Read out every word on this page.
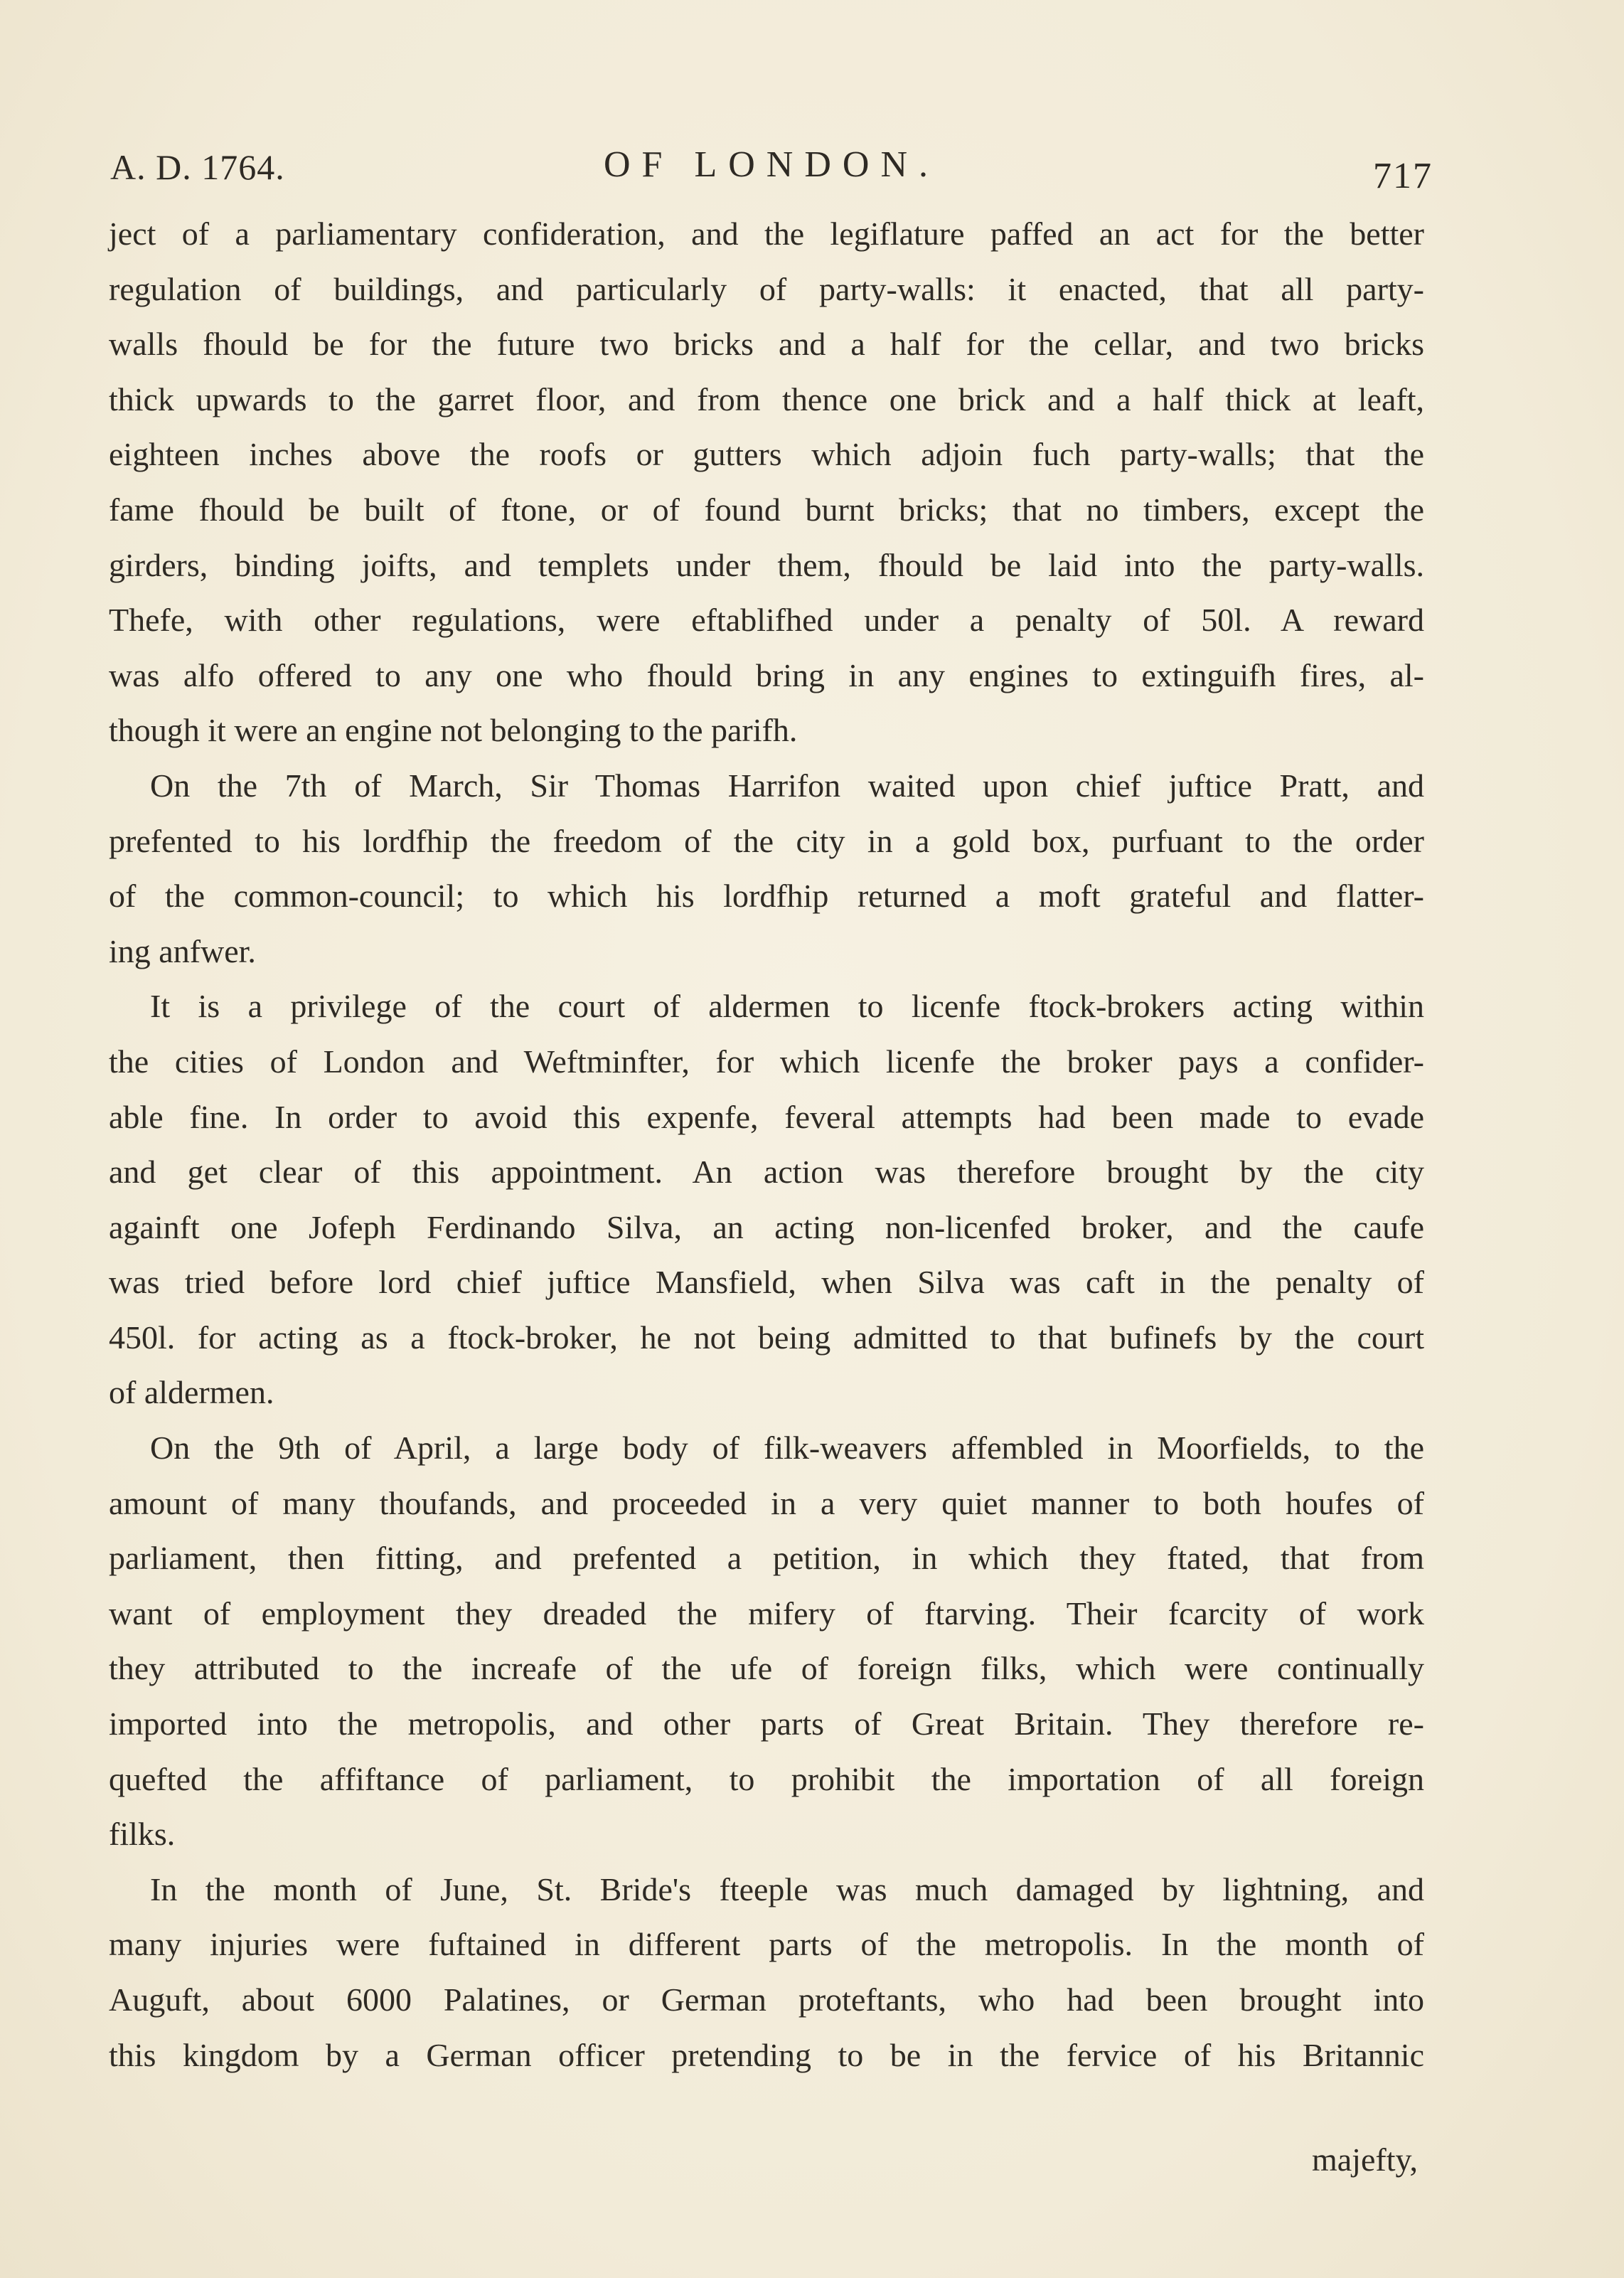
A. D. 1764.	OF LONDON.	717
ject of a parliamentary confideration, and the legiflature paffed an act for the better
regulation of buildings, and particularly of party-walls: it enacted, that all party-
walls fhould be for the future two bricks and a half for the cellar, and two bricks
thick upwards to the garret floor, and from thence one brick and a half thick at leaft,
eighteen inches above the roofs or gutters which adjoin fuch party-walls; that the
fame fhould be built of ftone, or of found burnt bricks; that no timbers, except the
girders, binding joifts, and templets under them, fhould be laid into the party-walls.
Thefe, with other regulations, were eftablifhed under a penalty of 50l. A reward
was alfo offered to any one who fhould bring in any engines to extinguifh fires, al-
though it were an engine not belonging to the parifh.
On the 7th of March, Sir Thomas Harrifon waited upon chief juftice Pratt, and
prefented to his lordfhip the freedom of the city in a gold box, purfuant to the order
of the common-council; to which his lordfhip returned a moft grateful and flatter-
ing anfwer.
It is a privilege of the court of aldermen to licenfe ftock-brokers acting within
the cities of London and Weftminfter, for which licenfe the broker pays a confider-
able fine. In order to avoid this expenfe, feveral attempts had been made to evade
and get clear of this appointment. An action was therefore brought by the city
againft one Jofeph Ferdinando Silva, an acting non-licenfed broker, and the caufe
was tried before lord chief juftice Mansfield, when Silva was caft in the penalty of
450l. for acting as a ftock-broker, he not being admitted to that bufinefs by the court
of aldermen.
On the 9th of April, a large body of filk-weavers affembled in Moorfields, to the
amount of many thoufands, and proceeded in a very quiet manner to both houfes of
parliament, then fitting, and prefented a petition, in which they ftated, that from
want of employment they dreaded the mifery of ftarving. Their fcarcity of work
they attributed to the increafe of the ufe of foreign filks, which were continually
imported into the metropolis, and other parts of Great Britain. They therefore re-
quefted the affiftance of parliament, to prohibit the importation of all foreign
filks.
In the month of June, St. Bride's fteeple was much damaged by lightning, and
many injuries were fuftained in different parts of the metropolis. In the month of
Auguft, about 6000 Palatines, or German proteftants, who had been brought into
this kingdom by a German officer pretending to be in the fervice of his Britannic
majefty,
